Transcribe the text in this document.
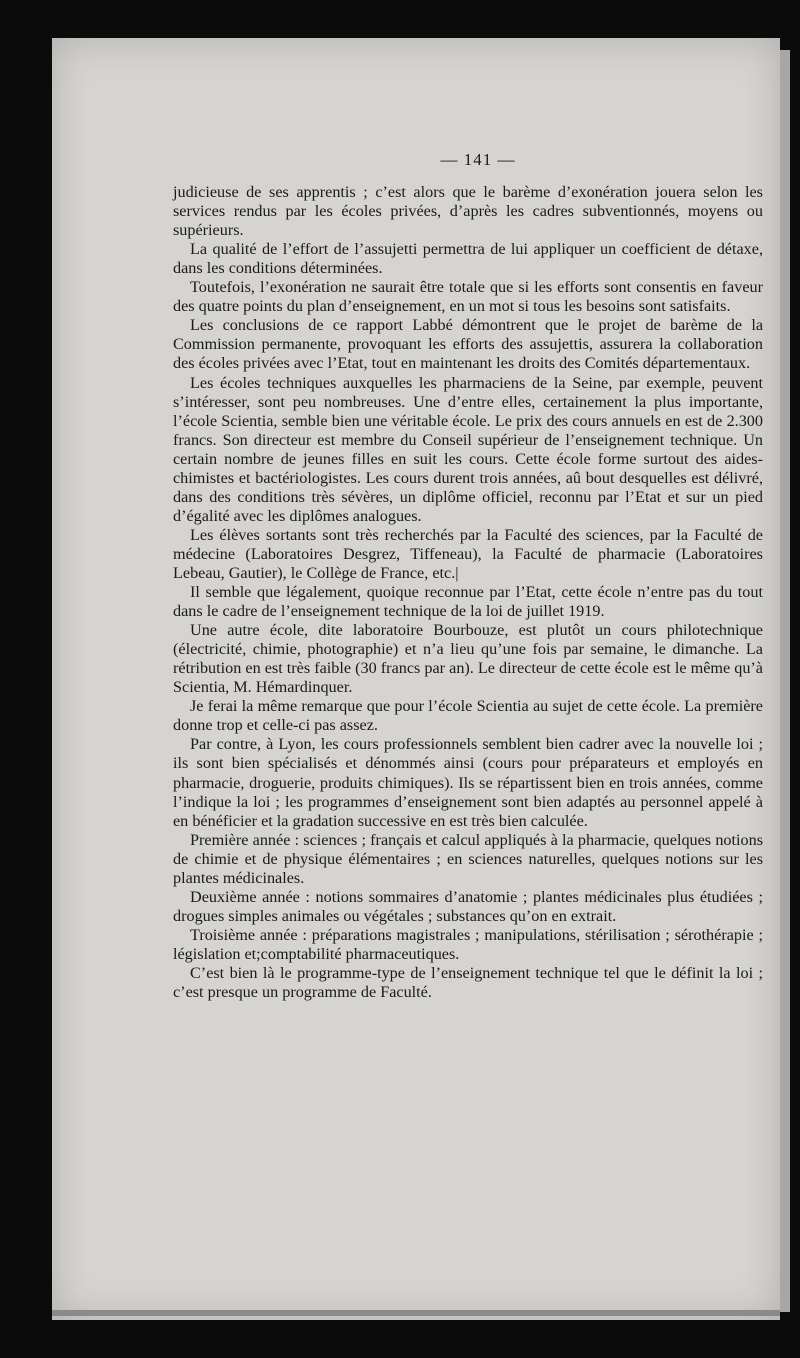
— 141 —

judicieuse de ses apprentis ; c’est alors que le barème d’exonération jouera selon les services rendus par les écoles privées, d’après les cadres subventionnés, moyens ou supérieurs.

La qualité de l’effort de l’assujetti permettra de lui appliquer un coefficient de détaxe, dans les conditions déterminées.

Toutefois, l’exonération ne saurait être totale que si les efforts sont consentis en faveur des quatre points du plan d’enseignement, en un mot si tous les besoins sont satisfaits.

Les conclusions de ce rapport Labbé démontrent que le projet de barème de la Commission permanente, provoquant les efforts des assujettis, assurera la collaboration des écoles privées avec l’Etat, tout en maintenant les droits des Comités départementaux.

Les écoles techniques auxquelles les pharmaciens de la Seine, par exemple, peuvent s’intéresser, sont peu nombreuses. Une d’entre elles, certainement la plus importante, l’école Scientia, semble bien une véritable école. Le prix des cours annuels en est de 2.300 francs. Son directeur est membre du Conseil supérieur de l’enseignement technique. Un certain nombre de jeunes filles en suit les cours. Cette école forme surtout des aides-chimistes et bactériologistes. Les cours durent trois années, aû bout desquelles est délivré, dans des conditions très sévères, un diplôme officiel, reconnu par l’Etat et sur un pied d’égalité avec les diplômes analogues.

Les élèves sortants sont très recherchés par la Faculté des sciences, par la Faculté de médecine (Laboratoires Desgrez, Tiffeneau), la Faculté de pharmacie (Laboratoires Lebeau, Gautier), le Collège de France, etc.|

Il semble que légalement, quoique reconnue par l’Etat, cette école n’entre pas du tout dans le cadre de l’enseignement technique de la loi de juillet 1919.

Une autre école, dite laboratoire Bourbouze, est plutôt un cours philotechnique (électricité, chimie, photographie) et n’a lieu qu’une fois par semaine, le dimanche. La rétribution en est très faible (30 francs par an). Le directeur de cette école est le même qu’à Scientia, M. Hémardinquer.

Je ferai la même remarque que pour l’école Scientia au sujet de cette école. La première donne trop et celle-ci pas assez.

Par contre, à Lyon, les cours professionnels semblent bien cadrer avec la nouvelle loi ; ils sont bien spécialisés et dénommés ainsi (cours pour préparateurs et employés en pharmacie, droguerie, produits chimiques). Ils se répartissent bien en trois années, comme l’indique la loi ; les programmes d’enseignement sont bien adaptés au personnel appelé à en bénéficier et la gradation successive en est très bien calculée.

Première année : sciences ; français et calcul appliqués à la pharmacie, quelques notions de chimie et de physique élémentaires ; en sciences naturelles, quelques notions sur les plantes médicinales.

Deuxième année : notions sommaires d’anatomie ; plantes médicinales plus étudiées ; drogues simples animales ou végétales ; substances qu’on en extrait.

Troisième année : préparations magistrales ; manipulations, stérilisation ; sérothérapie ; législation et;comptabilité pharmaceutiques.

C’est bien là le programme-type de l’enseignement technique tel que le définit la loi ; c’est presque un programme de Faculté.
